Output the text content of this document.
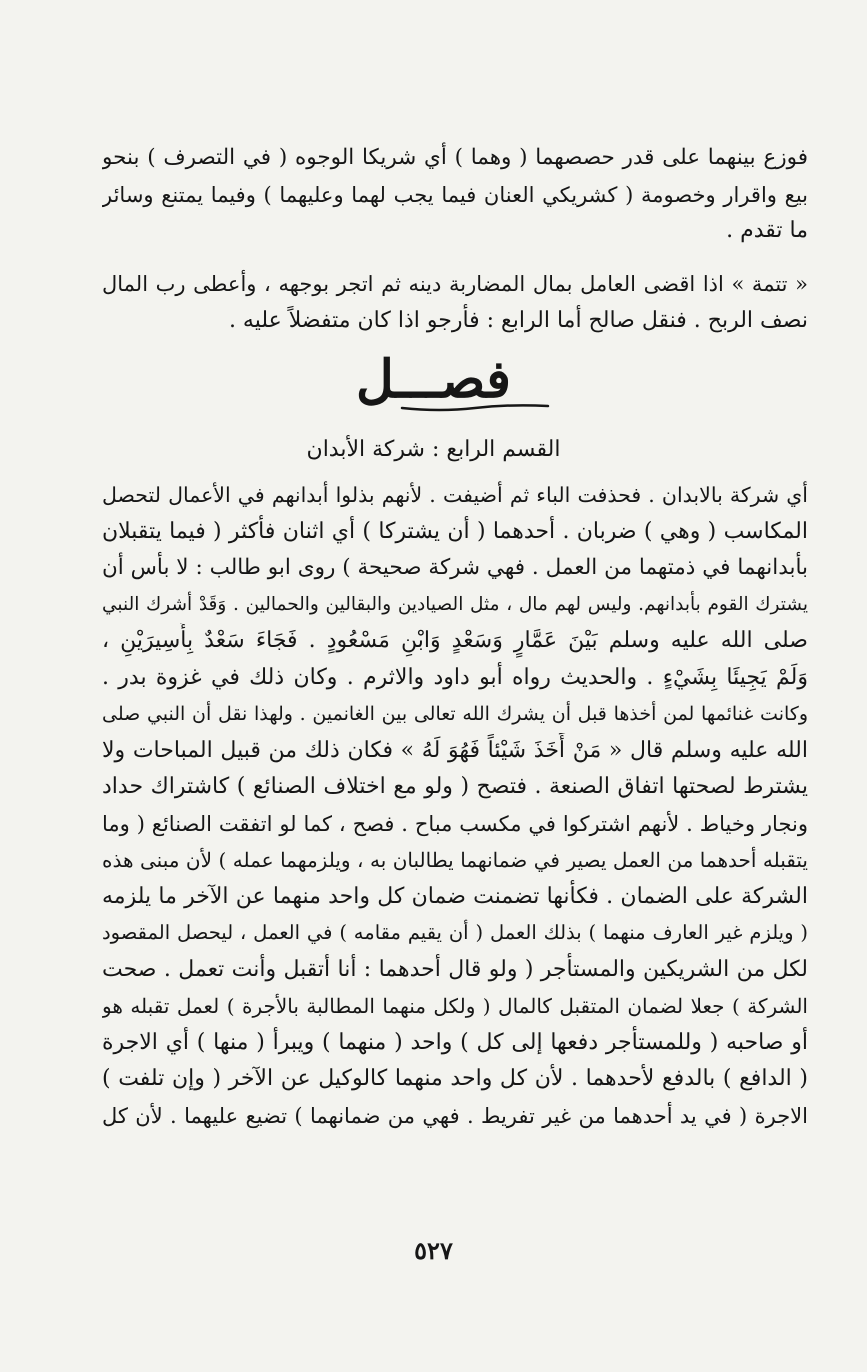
فوزع بينهما على قدر حصصهما ( وهما ) أي شريكا الوجوه ( في التصرف ) بنحو
بيع واقرار وخصومة ( كشريكي العنان فيما يجب لهما وعليهما ) وفيما يمتنع وسائر
ما تقدم .
« تتمة » اذا اقضى العامل بمال المضاربة دينه ثم اتجر بوجهه ، وأعطى رب المال
نصف الربح . فنقل صالح أما الرابع : فأرجو اذا كان متفضلاً عليه .
فصـــل
القسم الرابع : شركة الأبدان
أي شركة بالابدان . فحذفت الباء ثم أضيفت . لأنهم بذلوا أبدانهم في الأعمال لتحصل
المكاسب ( وهي ) ضربان . أحدهما ( أن يشتركا ) أي اثنان فأكثر ( فيما يتقبلان
بأبدانهما في ذمتهما من العمل . فهي شركة صحيحة ) روى ابو طالب : لا بأس أن
يشترك القوم بأبدانهم. وليس لهم مال ، مثل الصيادين والبقالين والحمالين . وَقَدْ أشرك النبي
صلى الله عليه وسلم بَيْنَ عَمَّارٍ وَسَعْدٍ وَابْنِ مَسْعُودٍ . فَجَاءَ سَعْدٌ بِأَسِيرَيْنِ ،
وَلَمْ يَجِيئَا بِشَيْءٍ . والحديث رواه أبو داود والاثرم . وكان ذلك في غزوة بدر .
وكانت غنائمها لمن أخذها قبل أن يشرك الله تعالى بين الغانمين . ولهذا نقل أن النبي صلى
الله عليه وسلم قال « مَنْ أَخَذَ شَيْئاً فَهُوَ لَهُ » فكان ذلك من قبيل المباحات ولا
يشترط لصحتها اتفاق الصنعة . فتصح ( ولو مع اختلاف الصنائع ) كاشتراك حداد
ونجار وخياط . لأنهم اشتركوا في مكسب مباح . فصح ، كما لو اتفقت الصنائع ( وما
يتقبله أحدهما من العمل يصير في ضمانهما يطالبان به ، ويلزمهما عمله ) لأن مبنى هذه
الشركة على الضمان . فكأنها تضمنت ضمان كل واحد منهما عن الآخر ما يلزمه
( ويلزم غير العارف منهما ) بذلك العمل ( أن يقيم مقامه ) في العمل ، ليحصل المقصود
لكل من الشريكين والمستأجر ( ولو قال أحدهما : أنا أتقبل وأنت تعمل . صحت
الشركة ) جعلا لضمان المتقبل كالمال ( ولكل منهما المطالبة بالأجرة ) لعمل تقبله هو
أو صاحبه ( وللمستأجر دفعها إلى كل ) واحد ( منهما ) ويبرأ ( منها ) أي الاجرة
( الدافع ) بالدفع لأحدهما . لأن كل واحد منهما كالوكيل عن الآخر ( وإن تلفت )
الاجرة ( في يد أحدهما من غير تفريط . فهي من ضمانهما ) تضيع عليهما . لأن كل
٥٢٧
